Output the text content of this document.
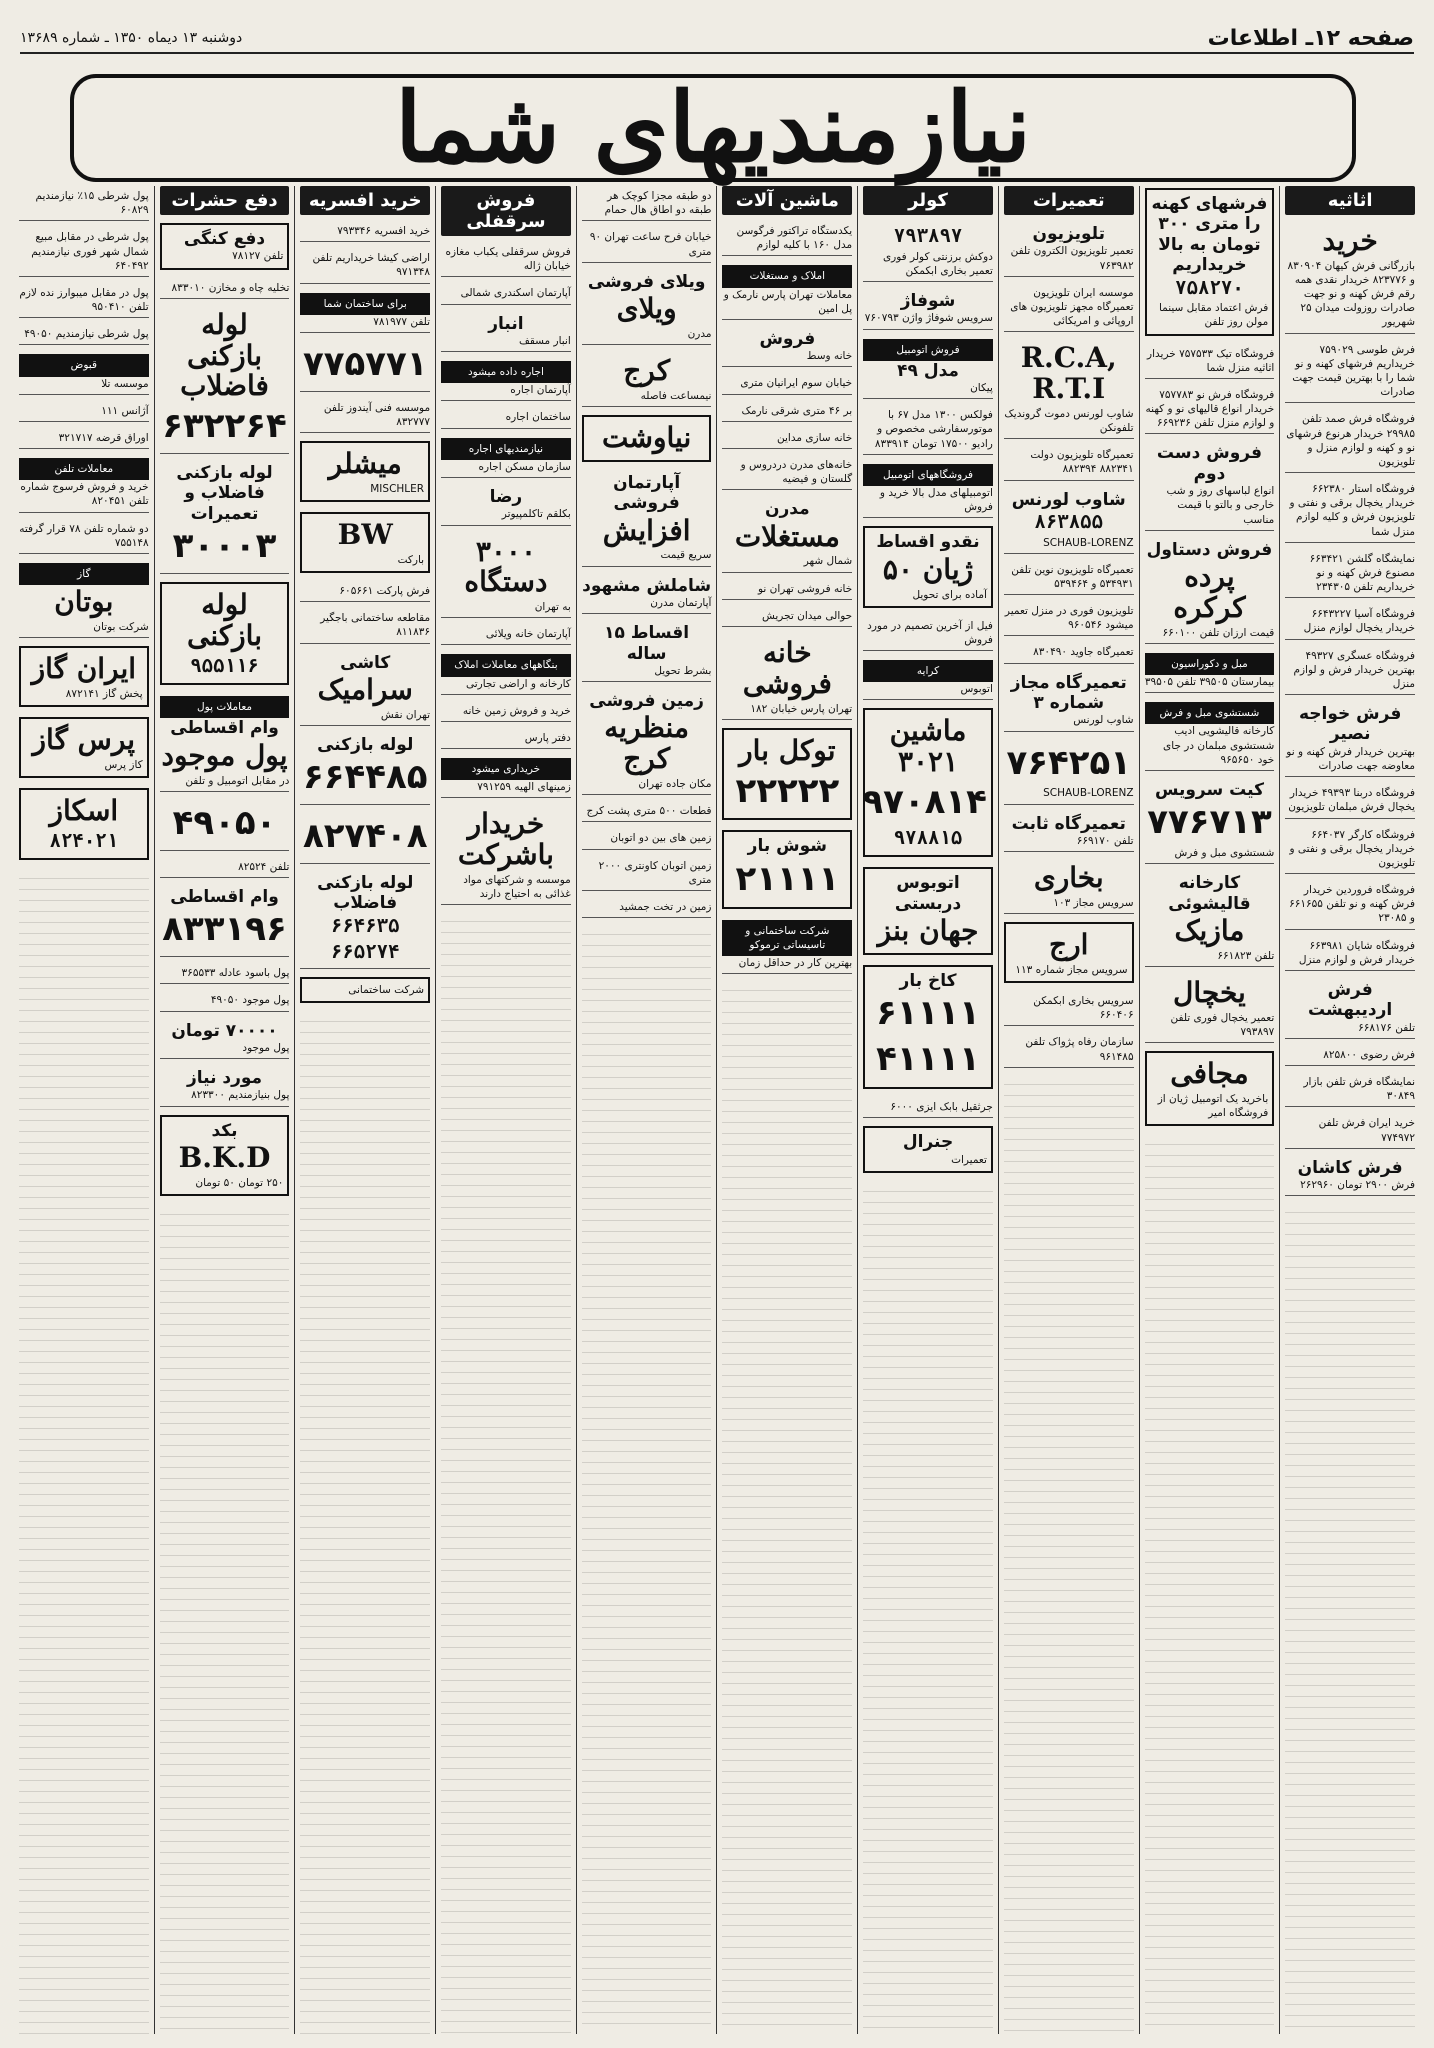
صفحه ۱۲ـ اطلاعات
دوشنبه ۱۳ دیماه ۱۳۵۰ ـ شماره ۱۳۶۸۹
نیازمندیهای شما
اثاثیه
خرید
بازرگانی فرش کیهان ۸۳۰۹۰۴ و ۸۲۳۷۷۶ خریدار نقدی همه رقم فرش کهنه و نو جهت صادرات روزولت میدان ۲۵ شهریور
فرش طوسی ۷۵۹۰۲۹ خریداریم فرشهای کهنه و نو شما را با بهترین قیمت جهت صادرات
فروشگاه فرش صمد تلفن ۲۹۹۸۵ خریدار هرنوع فرشهای نو و کهنه و لوازم منزل و تلویزیون
فروشگاه استار ۶۶۲۳۸۰ خریدار یخچال برقی و نفتی و تلویزیون فرش و کلیه لوازم منزل شما
نمایشگاه گلشن ۶۶۳۴۲۱ مصنوع فرش کهنه و نو خریداریم تلفن ۲۳۴۳۰۵
فروشگاه آسیا ۶۶۴۳۲۲۷ خریدار یخچال لوازم منزل
فروشگاه عسگری ۴۹۳۲۷ بهترین خریدار فرش و لوازم منزل
فرش خواجه نصیر
بهترین خریدار فرش کهنه و نو معاوضه جهت صادرات
فروشگاه دربنا ۴۹۳۹۳ خریدار یخچال فرش مبلمان تلویزیون
فروشگاه کارگر ۶۶۴۰۳۷ خریدار یخچال برقی و نفتی و تلویزیون
فروشگاه فروردین خریدار فرش کهنه و نو تلفن ۶۶۱۶۵۵ و ۲۳۰۸۵
فروشگاه شایان ۶۶۳۹۸۱ خریدار فرش و لوازم منزل
فرش اردیبهشت
تلفن ۶۶۸۱۷۶
فرش رضوی ۸۲۵۸۰۰
نمایشگاه فرش تلفن بازار ۳۰۸۴۹
خرید ایران فرش تلفن ۷۷۴۹۷۲
فرش کاشان
فرش ۲۹۰۰ تومان ۲۶۲۹۶۰
فرشهای کهنه را متری ۳۰۰ تومان به بالا خریداریم
۷۵۸۲۷۰
فرش اعتماد مقابل سینما مولن روز تلفن
فروشگاه تیک ۷۵۷۵۳۳ خریدار اثاثیه منزل شما
فروشگاه فرش نو ۷۵۷۷۸۳ خریدار انواع قالیهای نو و کهنه و لوازم منزل تلفن ۶۶۹۲۳۶
فروش دست دوم
انواع لباسهای روز و شب خارجی و بالتو با قیمت مناسب
فروش دستاول
پرده کرکره
قیمت ارزان تلفن ۶۶۰۱۰۰
مبل و دکوراسیون
بیمارستان ۳۹۵۰۵ تلفن ۳۹۵۰۵
شستشوی مبل و فرش
کارخانه قالیشویی ادیب شستشوی مبلمان در جای خود ۹۶۵۶۵۰
کیت سرویس
۷۷۶۷۱۳
شستشوی مبل و فرش
کارخانه قالیشوئی
مازیک
تلفن ۶۶۱۸۲۳
یخچال
تعمیر یخچال فوری تلفن ۷۹۳۸۹۷
مجافی
باخرید یک اتومبیل ژیان از فروشگاه امیر
تعمیرات
تلویزیون
تعمیر تلویزیون الکترون تلفن ۷۶۳۹۸۲
موسسه ایران تلویزیون تعمیرگاه مجهز تلویزیون های اروپائی و امریکائی
R.C.A, R.T.I
شاوب لورنس دموت گروندیک تلفونکن
تعمیرگاه تلویزیون دولت ۸۸۲۳۴۱ ۸۸۲۳۹۴
شاوب لورنس
۸۶۳۸۵۵
SCHAUB-LORENZ
تعمیرگاه تلویزیون نوین تلفن ۵۳۴۹۳۱ و ۵۳۹۴۶۴
تلویزیون فوری در منزل تعمیر میشود ۹۶۰۵۴۶
تعمیرگاه جاوید ۸۳۰۴۹۰
تعمیرگاه مجاز شماره ۳
شاوب لورنس
۷۶۴۲۵۱
SCHAUB-LORENZ
تعمیرگاه ثابت
تلفن ۶۶۹۱۷۰
بخاری
سرویس مجاز ۱۰۳
ارج
سرویس مجاز شماره ۱۱۳
سرویس بخاری ابکمکن ۶۶۰۴۰۶
سازمان رفاه پژواک تلفن ۹۶۱۴۸۵
کولر
۷۹۳۸۹۷
دوکش برزنتی کولر فوری تعمیر بخاری ابکمکن
شوفاژ
سرویس شوفاژ واژن ۷۶۰۷۹۳
فروش اتومبیل
مدل ۴۹
پیکان
فولکس ۱۳۰۰ مدل ۶۷ با موتورسفارشی مخصوص و رادیو ۱۷۵۰۰ تومان ۸۳۳۹۱۴
فروشگاههای اتومبیل
اتومبیلهای مدل بالا خرید و فروش
نقدو اقساط
ژیان ۵۰
آماده برای تحویل
فیل از آخرین تصمیم در مورد فروش
کرایه
اتوبوس
ماشین ۳۰۲۱
۹۷۰۸۱۴
۹۷۸۸۱۵
اتوبوس دربستی
جهان بنز
کاخ بار
۶۱۱۱۱ ۴۱۱۱۱
جرثقیل بابک ایزی ۶۰۰۰
جنرال
تعمیرات
ماشین آلات
یکدستگاه تراکتور فرگوسن مدل ۱۶۰ با کلیه لوازم
املاک و مستغلات
معاملات تهران پارس نارمک و پل امین
فروش
خانه وسط
خیابان سوم ایرانیان متری
بر ۴۶ متری شرقی نارمک
خانه سازی مداین
خانه‌های مدرن دردروس و گلستان و فیضیه
مدرن
مستغلات
شمال شهر
خانه فروشی تهران نو
حوالی میدان تجریش
خانه فروشی
تهران پارس خیابان ۱۸۲
توکل بار
۲۲۲۲۲
شوش بار
۲۱۱۱۱
شرکت ساختمانی و تاسیساتی ترموکو
بهترین کار در حداقل زمان
دو طبقه مجزا کوچک هر طبقه دو اطاق هال حمام
خیابان فرح ساعت تهران ۹۰ متری
ویلای فروشی
ویلای
مدرن
کرج
نیمساعت فاصله
نیاوشت
آپارتمان فروشی
افزایش
سریع قیمت
شاملش مشهود
آپارتمان مدرن
اقساط ۱۵ ساله
بشرط تحویل
زمین فروشی
منظریه کرج
مکان جاده تهران
قطعات ۵۰۰ متری پشت کرج
زمین های بین دو اتوبان
زمین اتوبان کاونتری ۲۰۰۰ متری
زمین در تخت جمشید
فروش سرقفلی
فروش سرقفلی یکباب مغازه خیابان ژاله
آپارتمان اسکندری شمالی
انبار
انبار مسقف
اجاره داده میشود
آپارتمان اجاره
ساختمان اجاره
نیازمندیهای اجاره
سازمان مسکن اجاره
رضا
بکلقم تاکلمپیوتر
۳۰۰۰ دستگاه
به تهران
آپارتمان خانه ویلائی
بنگاههای معاملات املاک
کارخانه و اراضی تجارتی
خرید و فروش زمین خانه
دفتر پارس
خریداری میشود
زمینهای الهیه ۷۹۱۲۵۹
خریدار باشرکت
موسسه و شرکتهای مواد غذائی به احتیاج دارند
خرید افسریه
خرید افسریه ۷۹۳۳۴۶
اراضی کیشا خریداریم تلفن ۹۷۱۳۴۸
برای ساختمان شما
تلفن ۷۸۱۹۷۷
۷۷۵۷۷۱
موسسه فنی آیندوز تلفن ۸۳۲۷۷۷
میشلر
MISCHLER
BW
بارکت
فرش پارکت ۶۰۵۶۶۱
مقاطعه ساختمانی باجگیر ۸۱۱۸۳۶
کاشی
سرامیک
تهران نقش
لوله بازکنی
۶۶۴۴۸۵
۸۲۷۴۰۸
لوله بازکنی فاضلاب
۶۶۴۶۳۵ ۶۶۵۲۷۴
شرکت ساختمانی
دفع حشرات
دفع کنگی
تلفن ۷۸۱۲۷
تخلیه چاه و مخازن ۸۳۳۰۱۰
لوله بازکنی فاضلاب
۶۳۲۲۶۴
لوله بازکنی فاضلاب و تعمیرات
۳۰۰۰۳
لوله بازکنی
۹۵۵۱۱۶
معاملات پول
وام اقساطی
پول موجود
در مقابل اتومبیل و تلفن
۴۹۰۵۰
تلفن ۸۲۵۲۴
وام اقساطی
۸۳۳۱۹۶
پول باسود عادله ۳۶۵۵۳۳
پول موجود ۴۹۰۵۰
۷۰۰۰۰ تومان
پول موجود
مورد نیاز
پول بنیازمندیم ۸۲۳۳۰۰
بکد
B.K.D
۲۵۰ تومان ۵۰ تومان
پول شرطی ۱۵٪ نیازمندیم ۶۰۸۲۹
پول شرطی در مقابل مبیع شمال شهر فوری نیازمندیم ۶۴۰۴۹۲
پول در مقابل میبوارز نده لازم تلفن ۹۵۰۴۱۰
پول شرطی نیازمندیم ۴۹۰۵۰
قبوض
موسسه تلا
آژانس ۱۱۱
اوراق قرضه ۳۲۱۷۱۷
معاملات تلفن
خرید و فروش فرسوج شماره تلفن ۸۲۰۴۵۱
دو شماره تلفن ۷۸ قرار گرفته ۷۵۵۱۴۸
گاز
بوتان
شرکت بوتان
ایران گاز
پخش گاز ۸۷۲۱۴۱
پرس گاز
کاز پرس
اسکاز
۸۲۴۰۲۱
